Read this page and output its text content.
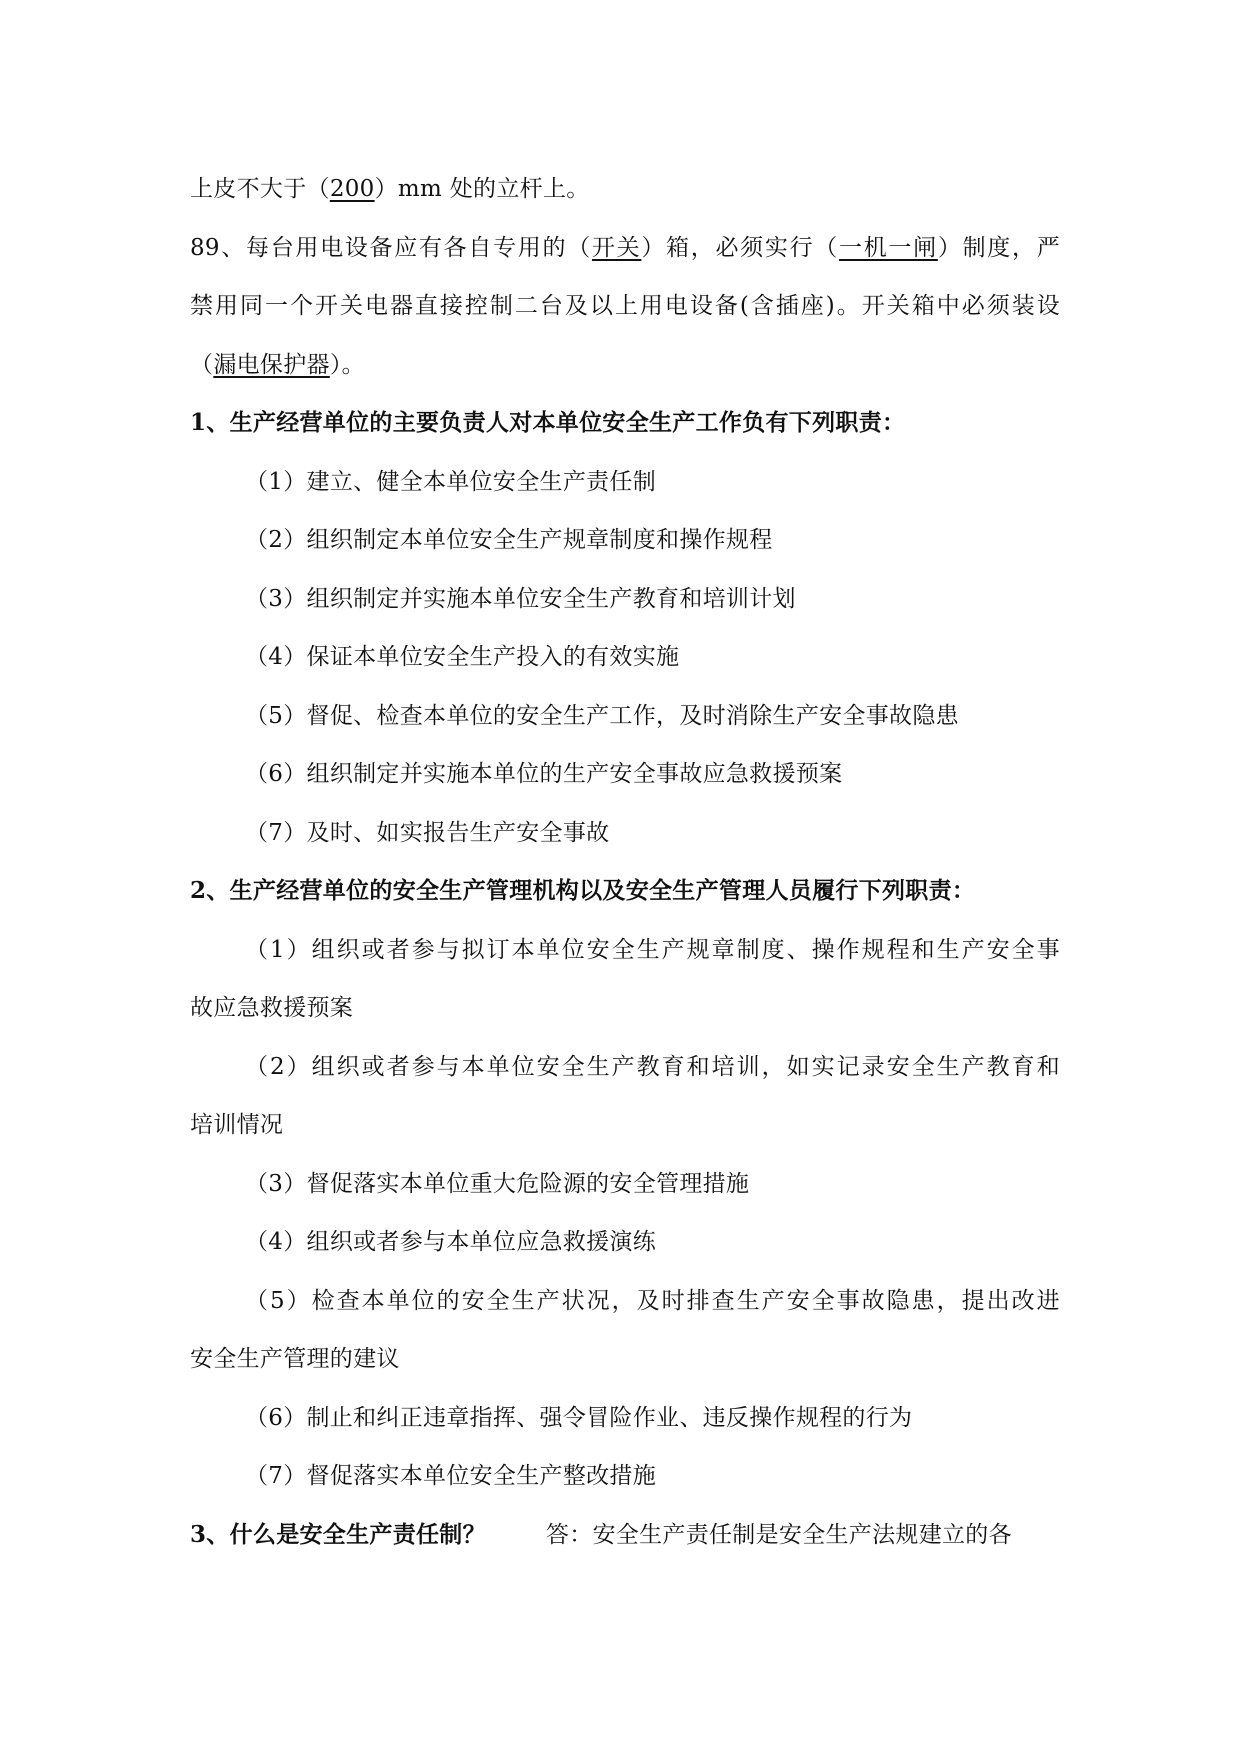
上皮不大于（200）mm 处的立杆上。
89、每台用电设备应有各自专用的（开关）箱，必须实行（一机一闸）制度，严
禁用同一个开关电器直接控制二台及以上用电设备(含插座)。开关箱中必须装设
（漏电保护器）。
1、生产经营单位的主要负责人对本单位安全生产工作负有下列职责：
（1）建立、健全本单位安全生产责任制
（2）组织制定本单位安全生产规章制度和操作规程
（3）组织制定并实施本单位安全生产教育和培训计划
（4）保证本单位安全生产投入的有效实施
（5）督促、检查本单位的安全生产工作，及时消除生产安全事故隐患
（6）组织制定并实施本单位的生产安全事故应急救援预案
（7）及时、如实报告生产安全事故
2、生产经营单位的安全生产管理机构以及安全生产管理人员履行下列职责：
（1）组织或者参与拟订本单位安全生产规章制度、操作规程和生产安全事
故应急救援预案
（2）组织或者参与本单位安全生产教育和培训，如实记录安全生产教育和
培训情况
（3）督促落实本单位重大危险源的安全管理措施
（4）组织或者参与本单位应急救援演练
（5）检查本单位的安全生产状况，及时排查生产安全事故隐患，提出改进
安全生产管理的建议
（6）制止和纠正违章指挥、强令冒险作业、违反操作规程的行为
（7）督促落实本单位安全生产整改措施
3、什么是安全生产责任制？	答：安全生产责任制是安全生产法规建立的各
